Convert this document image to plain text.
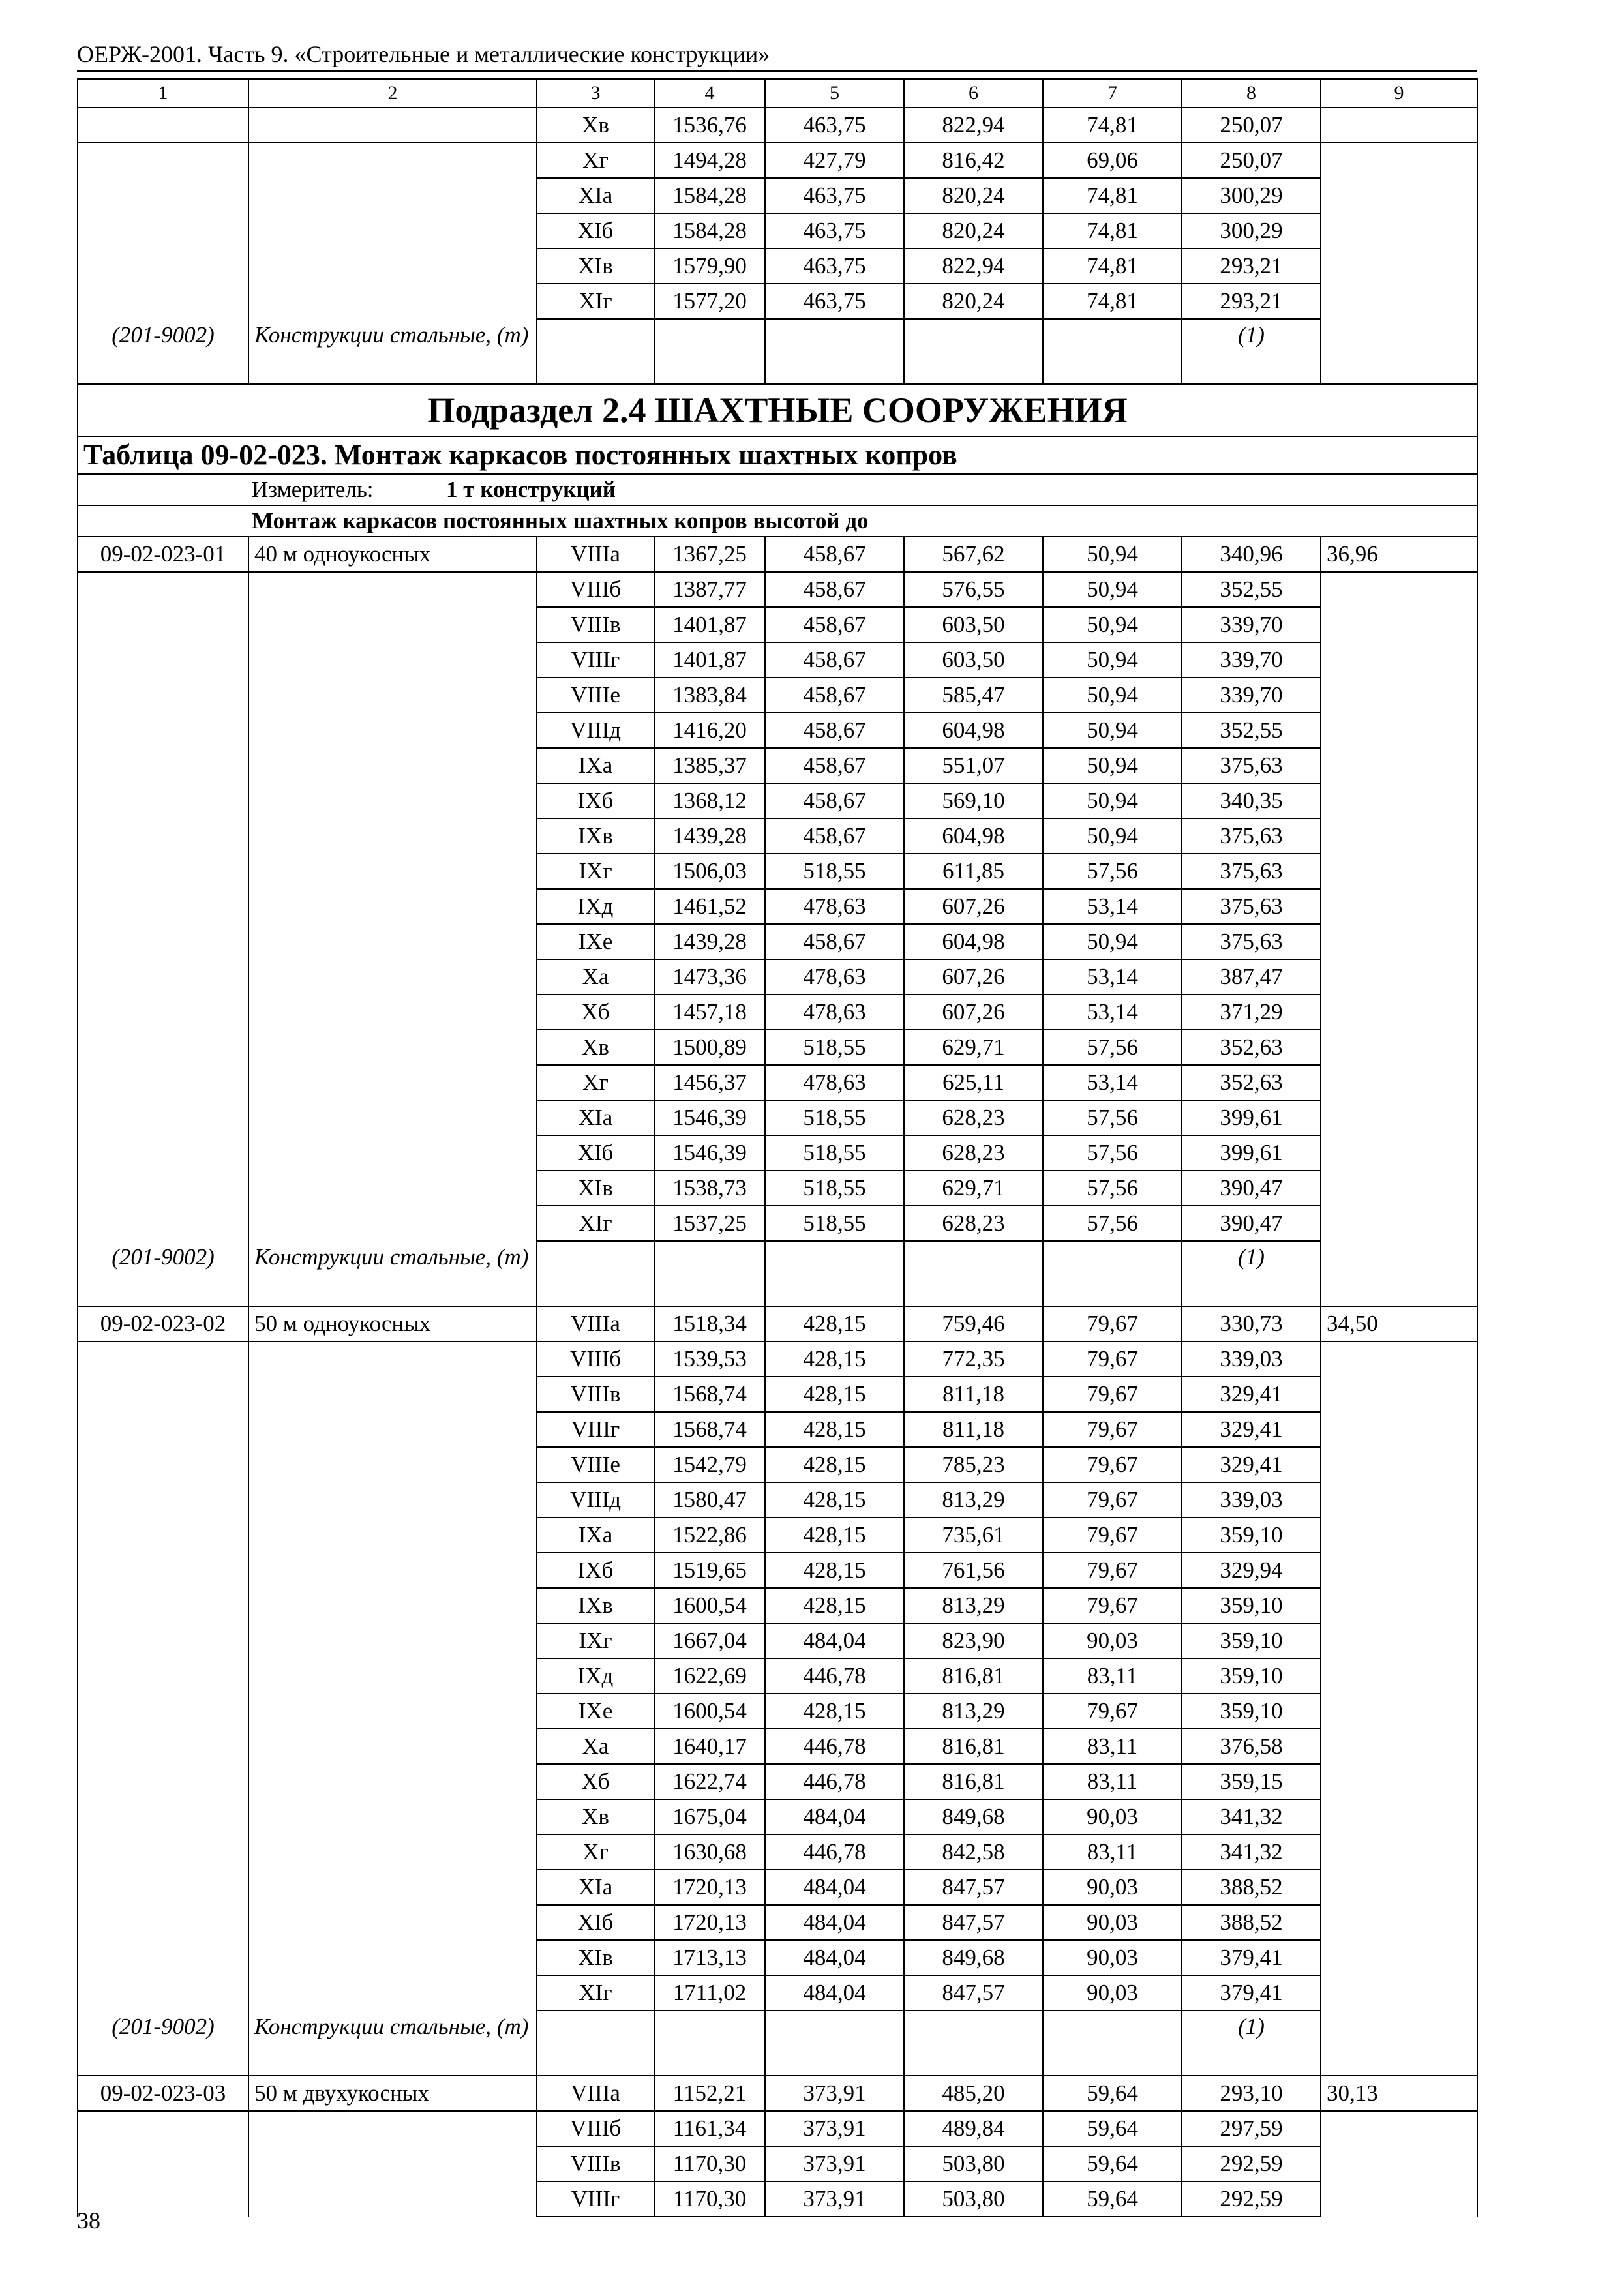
ОЕРЖ-2001. Часть 9. «Строительные и металлические конструкции»
1	2	3	4	5	6	7	8	9
		Хв	1536,76	463,75	822,94	74,81	250,07	
		Хг	1494,28	427,79	816,42	69,06	250,07	
		ХIа	1584,28	463,75	820,24	74,81	300,29	
		ХIб	1584,28	463,75	820,24	74,81	300,29	
		ХIв	1579,90	463,75	822,94	74,81	293,21	
		ХIг	1577,20	463,75	820,24	74,81	293,21	
(201-9002)	Конструкции стальные, (т)						(1)	
Подраздел 2.4 ШАХТНЫЕ СООРУЖЕНИЯ								
Таблица 09-02-023. Монтаж каркасов постоянных шахтных копров								
Измеритель: 1 т конструкций								
Монтаж каркасов постоянных шахтных копров высотой до								
09-02-023-01	40 м одноукосных	VIIIа	1367,25	458,67	567,62	50,94	340,96	36,96
		VIIIб	1387,77	458,67	576,55	50,94	352,55	
		VIIIв	1401,87	458,67	603,50	50,94	339,70	
		VIIIг	1401,87	458,67	603,50	50,94	339,70	
		VIIIе	1383,84	458,67	585,47	50,94	339,70	
		VIIIд	1416,20	458,67	604,98	50,94	352,55	
		IХа	1385,37	458,67	551,07	50,94	375,63	
		IХб	1368,12	458,67	569,10	50,94	340,35	
		IХв	1439,28	458,67	604,98	50,94	375,63	
		IХг	1506,03	518,55	611,85	57,56	375,63	
		IХд	1461,52	478,63	607,26	53,14	375,63	
		IХе	1439,28	458,67	604,98	50,94	375,63	
		Ха	1473,36	478,63	607,26	53,14	387,47	
		Хб	1457,18	478,63	607,26	53,14	371,29	
		Хв	1500,89	518,55	629,71	57,56	352,63	
		Хг	1456,37	478,63	625,11	53,14	352,63	
		ХIа	1546,39	518,55	628,23	57,56	399,61	
		ХIб	1546,39	518,55	628,23	57,56	399,61	
		ХIв	1538,73	518,55	629,71	57,56	390,47	
		ХIг	1537,25	518,55	628,23	57,56	390,47	
(201-9002)	Конструкции стальные, (т)						(1)	
09-02-023-02	50 м одноукосных	VIIIа	1518,34	428,15	759,46	79,67	330,73	34,50
		VIIIб	1539,53	428,15	772,35	79,67	339,03	
		VIIIв	1568,74	428,15	811,18	79,67	329,41	
		VIIIг	1568,74	428,15	811,18	79,67	329,41	
		VIIIе	1542,79	428,15	785,23	79,67	329,41	
		VIIIд	1580,47	428,15	813,29	79,67	339,03	
		IХа	1522,86	428,15	735,61	79,67	359,10	
		IХб	1519,65	428,15	761,56	79,67	329,94	
		IХв	1600,54	428,15	813,29	79,67	359,10	
		IХг	1667,04	484,04	823,90	90,03	359,10	
		IХд	1622,69	446,78	816,81	83,11	359,10	
		IХе	1600,54	428,15	813,29	79,67	359,10	
		Ха	1640,17	446,78	816,81	83,11	376,58	
		Хб	1622,74	446,78	816,81	83,11	359,15	
		Хв	1675,04	484,04	849,68	90,03	341,32	
		Хг	1630,68	446,78	842,58	83,11	341,32	
		ХIа	1720,13	484,04	847,57	90,03	388,52	
		ХIб	1720,13	484,04	847,57	90,03	388,52	
		ХIв	1713,13	484,04	849,68	90,03	379,41	
		ХIг	1711,02	484,04	847,57	90,03	379,41	
(201-9002)	Конструкции стальные, (т)						(1)	
09-02-023-03	50 м двухукосных	VIIIа	1152,21	373,91	485,20	59,64	293,10	30,13
		VIIIб	1161,34	373,91	489,84	59,64	297,59	
		VIIIв	1170,30	373,91	503,80	59,64	292,59	
		VIIIг	1170,30	373,91	503,80	59,64	292,59	
38
